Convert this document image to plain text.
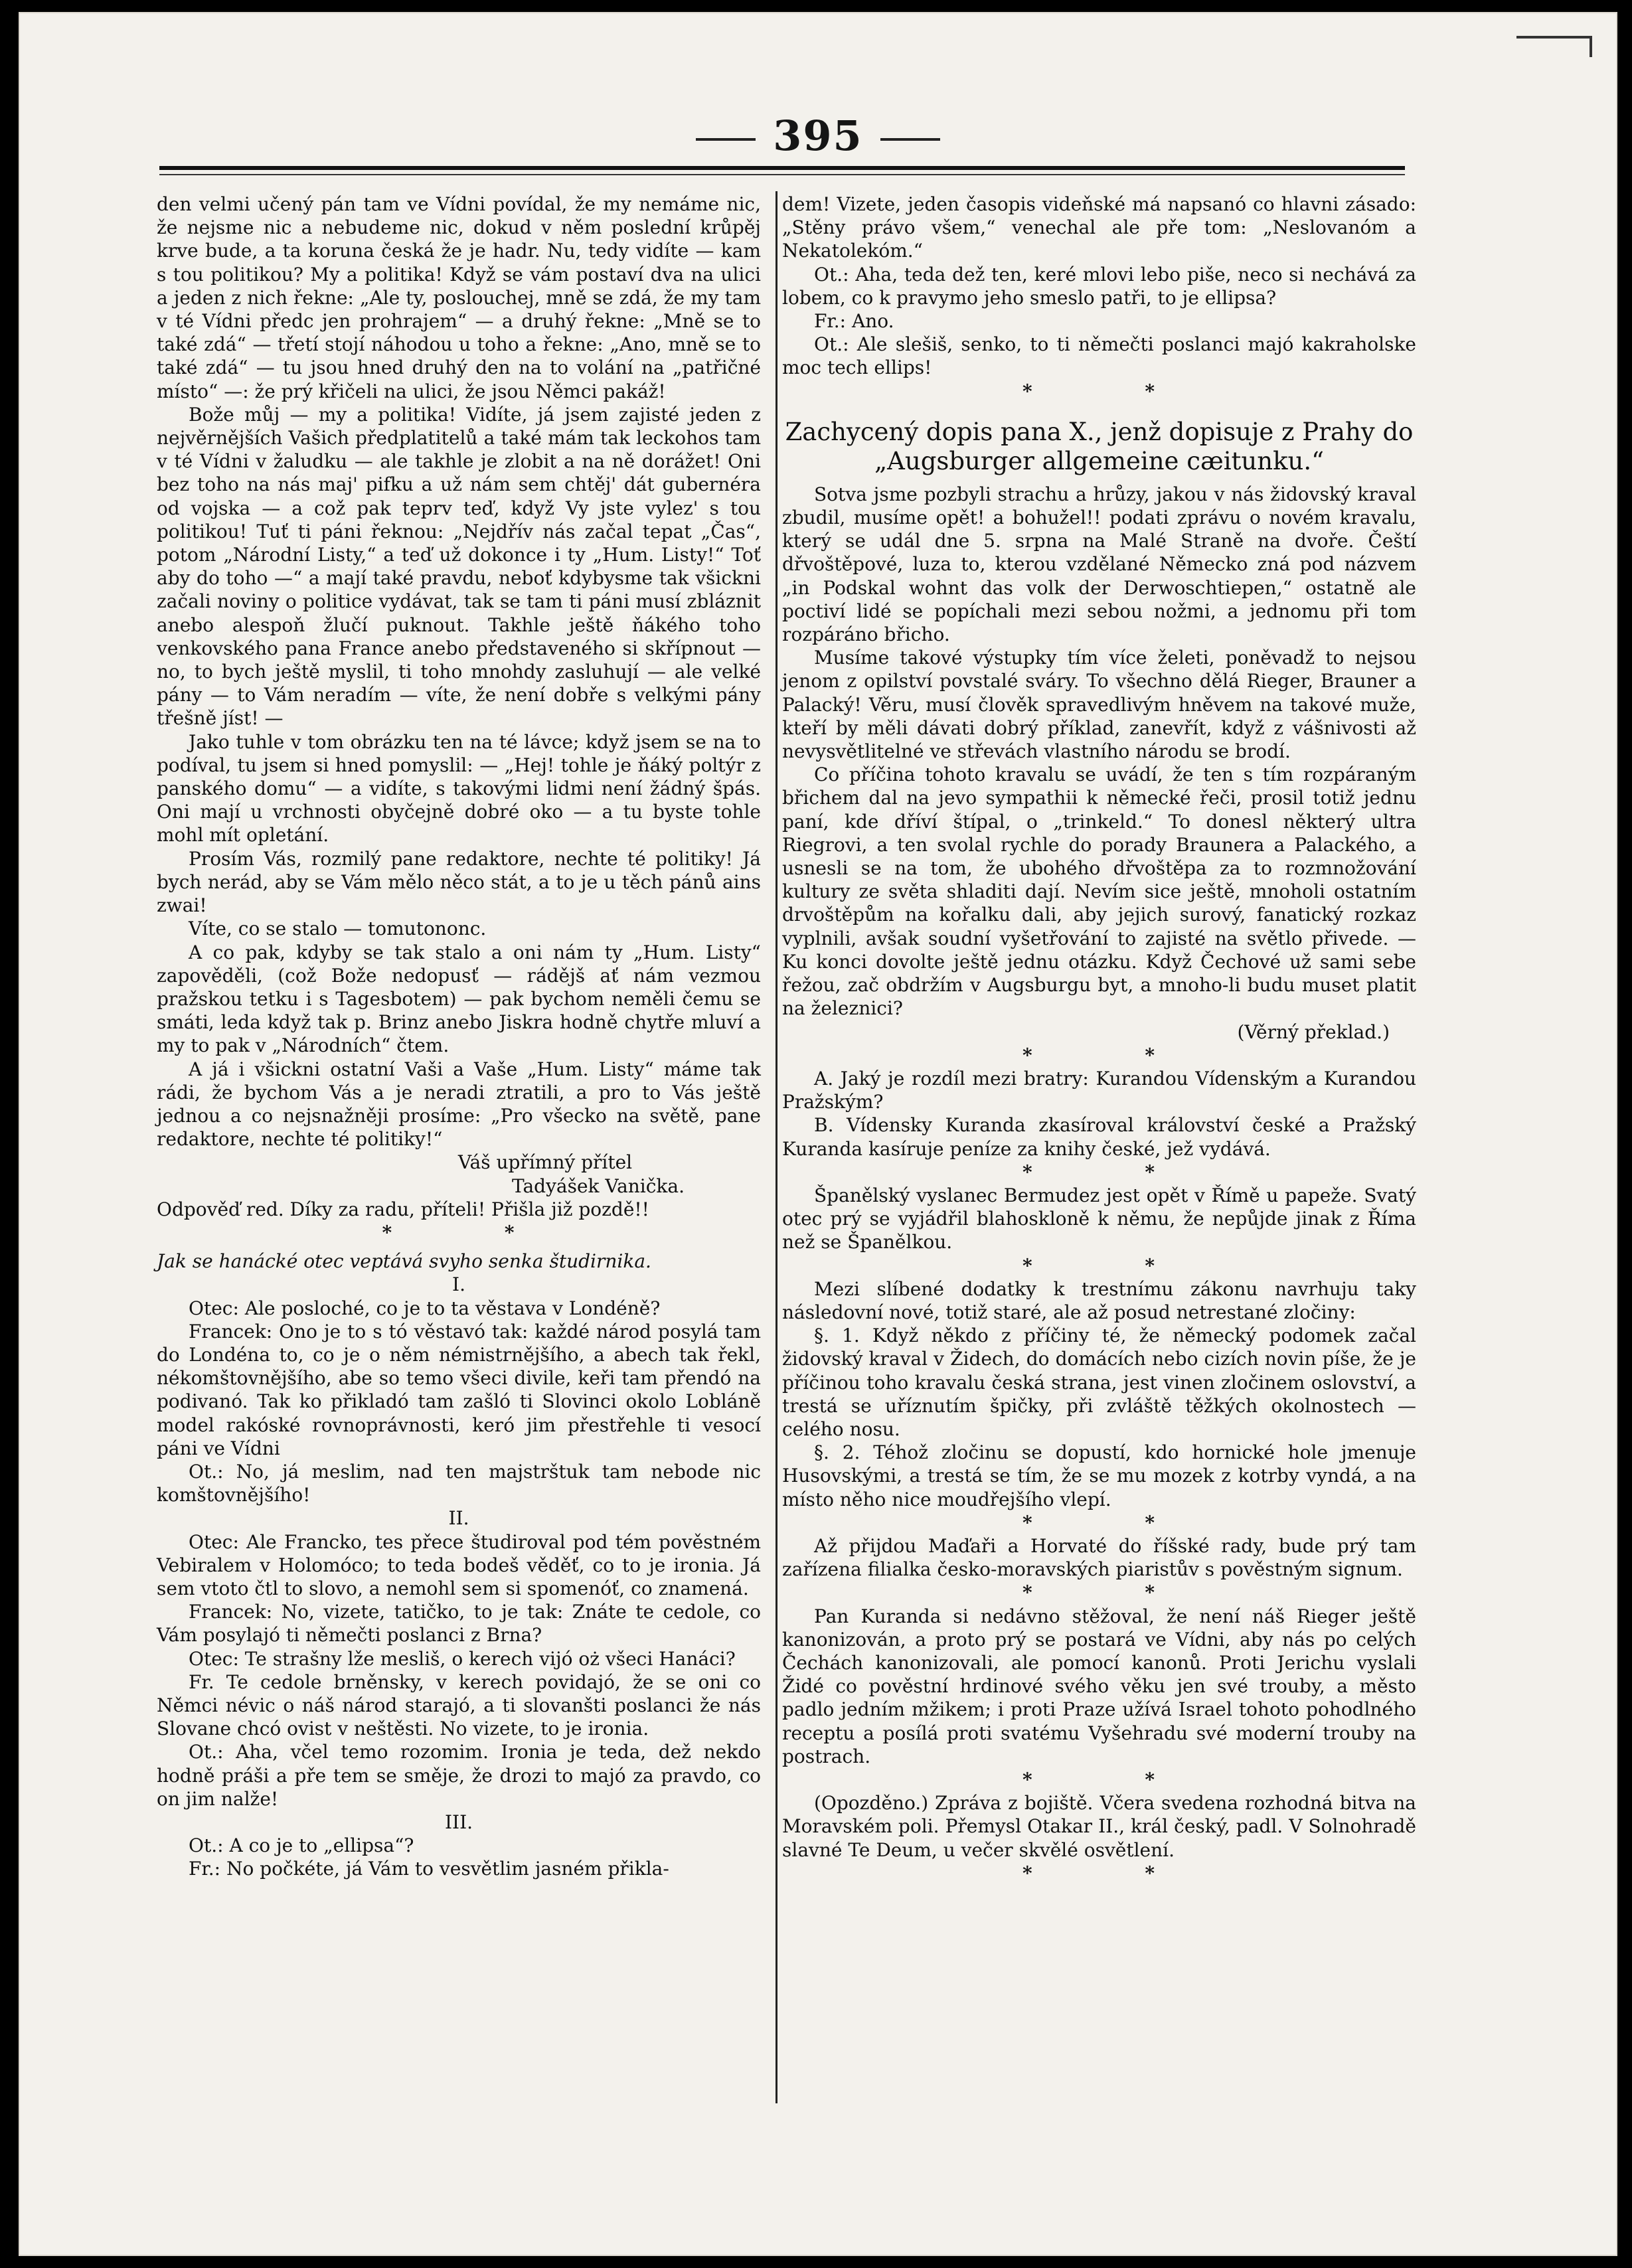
395

den velmi učený pán tam ve Vídni povídal, že my nemáme nic, že nejsme nic a nebudeme nic, dokud v něm poslední krůpěj krve bude, a ta koruna česká že je hadr. Nu, tedy vidíte — kam s tou politikou? My a politika! Když se vám postaví dva na ulici a jeden z nich řekne: „Ale ty, poslouchej, mně se zdá, že my tam v té Vídni předc jen prohrajem“ — a druhý řekne: „Mně se to také zdá“ — třetí stojí náhodou u toho a řekne: „Ano, mně se to také zdá“ — tu jsou hned druhý den na to volání na „patřičné místo“ —: že prý křičeli na ulici, že jsou Němci pakáž!

Bože můj — my a politika! Vidíte, já jsem zajisté jeden z nejvěrnějších Vašich předplatitelů a také mám tak leckohos tam v té Vídni v žaludku — ale takhle je zlobit a na ně dorážet! Oni bez toho na nás maj' pifku a už nám sem chtěj' dát gubernéra od vojska — a což pak teprv teď, když Vy jste vylez' s tou politikou! Tuť ti páni řeknou: „Nejdřív nás začal tepat „Čas“, potom „Národní Listy,“ a teď už dokonce i ty „Hum. Listy!“ Toť aby do toho —“ a mají také pravdu, neboť kdybysme tak všickni začali noviny o politice vydávat, tak se tam ti páni musí zbláznit anebo alespoň žlučí puknout. Takhle ještě ňákého toho venkovského pana France anebo představeného si skřípnout — no, to bych ještě myslil, ti toho mnohdy zasluhují — ale velké pány — to Vám neradím — víte, že není dobře s velkými pány třešně jíst! —

Jako tuhle v tom obrázku ten na té lávce; když jsem se na to podíval, tu jsem si hned pomyslil: — „Hej! tohle je ňáký poltýr z panského domu“ — a vidíte, s takovými lidmi není žádný špás. Oni mají u vrchnosti obyčejně dobré oko — a tu byste tohle mohl mít opletání.

Prosím Vás, rozmilý pane redaktore, nechte té politiky! Já bych nerád, aby se Vám mělo něco stát, a to je u těch pánů ains zwai!

Víte, co se stalo — tomutononc.

A co pak, kdyby se tak stalo a oni nám ty „Hum. Listy“ zapověděli, (což Bože nedopusť — rádějš ať nám vezmou pražskou tetku i s Tagesbotem) — pak bychom neměli čemu se smáti, leda když tak p. Brinz anebo Jiskra hodně chytře mluví a my to pak v „Národních“ čtem.

A já i všickni ostatní Vaši a Vaše „Hum. Listy“ máme tak rádi, že bychom Vás a je neradi ztratili, a pro to Vás ještě jednou a co nejsnažněji prosíme: „Pro všecko na světě, pane redaktore, nechte té politiky!“

Váš upřímný přítel

Tadyášek Vanička.

Odpověď red. Díky za radu, příteli! Přišla již pozdě!!

* *

Jak se hanácké otec veptává svyho senka študirnika.

I.

Otec: Ale posloché, co je to ta věstava v Londéně?

Francek: Ono je to s tó věstavó tak: každé národ posylá tam do Londéna to, co je o něm némistrnějšího, a abech tak řekl, nékomštovnějšího, abe so temo všeci divile, keři tam přendó na podivanó. Tak ko přikladó tam zašló ti Slovinci okolo Lobláně model rakóské rovnoprávnosti, keró jim přestřehle ti vesocí páni ve Vídni

Ot.: No, já meslim, nad ten majstrštuk tam nebode nic komštovnějšího!

II.

Otec: Ale Francko, tes přece študiroval pod tém pověstném Vebiralem v Holomóco; to teda bodeš věděť, co to je ironia. Já sem vtoto čtl to slovo, a nemohl sem si spomenóť, co znamená.

Francek: No, vizete, tatičko, to je tak: Znáte te cedole, co Vám posylajó ti němečti poslanci z Brna?

Otec: Te strašny lže mesliš, o kerech vijó oż všeci Hanáci?

Fr. Te cedole brněnsky, v kerech povidajó, že se oni co Němci névic o náš národ starajó, a ti slovanšti poslanci že nás Slovane chcó ovist v neštěsti. No vizete, to je ironia.

Ot.: Aha, včel temo rozomim. Ironia je teda, dež nekdo hodně práši a pře tem se směje, že drozi to majó za pravdo, co on jim nalže!

III.

Ot.: A co je to „ellipsa“?

Fr.: No počkéte, já Vám to vesvětlim jasném přikla-

dem! Vizete, jeden časopis videňské má napsanó co hlavni zásado: „Stěny právo všem,“ venechal ale pře tom: „Neslovanóm a Nekatolekóm.“

Ot.: Aha, teda dež ten, keré mlovi lebo piše, neco si nechává za lobem, co k pravymo jeho smeslo patři, to je ellipsa?

Fr.: Ano.

Ot.: Ale slešiš, senko, to ti němečti poslanci majó kakraholske moc tech ellips!

* *

Zachycený dopis pana X., jenž dopisuje z Prahy do „Augsburger allgemeine cæitunku.“

Sotva jsme pozbyli strachu a hrůzy, jakou v nás židovský kraval zbudil, musíme opět! a bohužel!! podati zprávu o novém kravalu, který se udál dne 5. srpna na Malé Straně na dvoře. Čeští dřvoštěpové, luza to, kterou vzdělané Německo zná pod názvem „in Podskal wohnt das volk der Derwoschtiepen,“ ostatně ale poctiví lidé se popíchali mezi sebou nožmi, a jednomu při tom rozpáráno břicho.

Musíme takové výstupky tím více želeti, poněvadž to nejsou jenom z opilství povstalé sváry. To všechno dělá Rieger, Brauner a Palacký! Věru, musí člověk spravedlivým hněvem na takové muže, kteří by měli dávati dobrý příklad, zanevřít, když z vášnivosti až nevysvětlitelné ve střevách vlastního národu se brodí.

Co příčina tohoto kravalu se uvádí, že ten s tím rozpáraným břichem dal na jevo sympathii k německé řeči, prosil totiž jednu paní, kde dříví štípal, o „trinkeld.“ To donesl některý ultra Riegrovi, a ten svolal rychle do porady Braunera a Palackého, a usnesli se na tom, že ubohého dřvoštěpa za to rozmnožování kultury ze světa shladiti dají. Nevím sice ještě, mnoholi ostatním drvoštěpům na kořalku dali, aby jejich surový, fanatický rozkaz vyplnili, avšak soudní vyšetřování to zajisté na světlo přivede. — Ku konci dovolte ještě jednu otázku. Když Čechové už sami sebe řežou, zač obdržím v Augsburgu byt, a mnoho-li budu muset platit na železnici?

(Věrný překlad.)

* *

A. Jaký je rozdíl mezi bratry: Kurandou Vídenským a Kurandou Pražským?

B. Vídensky Kuranda zkasíroval království české a Pražský Kuranda kasíruje peníze za knihy české, jež vydává.

* *

Španělský vyslanec Bermudez jest opět v Římě u papeže. Svatý otec prý se vyjádřil blahoskloně k němu, že nepůjde jinak z Říma než se Španělkou.

* *

Mezi slíbené dodatky k trestnímu zákonu navrhuju taky následovní nové, totiž staré, ale až posud netrestané zločiny:

§. 1. Když někdo z příčiny té, že německý podomek začal židovský kraval v Židech, do domácích nebo cizích novin píše, že je příčinou toho kravalu česká strana, jest vinen zločinem oslovství, a trestá se uříznutím špičky, při zvláště těžkých okolnostech — celého nosu.

§. 2. Téhož zločinu se dopustí, kdo hornické hole jmenuje Husovskými, a trestá se tím, že se mu mozek z kotrby vyndá, a na místo něho nice moudřejšího vlepí.

* *

Až přijdou Maďaři a Horvaté do říšské rady, bude prý tam zařízena filialka česko-moravských piaristův s pověstným signum.

* *

Pan Kuranda si nedávno stěžoval, že není náš Rieger ještě kanonizován, a proto prý se postará ve Vídni, aby nás po celých Čechách kanonizovali, ale pomocí kanonů. Proti Jerichu vyslali Židé co pověstní hrdinové svého věku jen své trouby, a město padlo jedním mžikem; i proti Praze užívá Israel tohoto pohodlného receptu a posílá proti svatému Vyšehradu své moderní trouby na postrach.

* *

(Opozděno.) Zpráva z bojiště. Včera svedena rozhodná bitva na Moravském poli. Přemysl Otakar II., král český, padl. V Solnohradě slavné Te Deum, u večer skvělé osvětlení.

* *
